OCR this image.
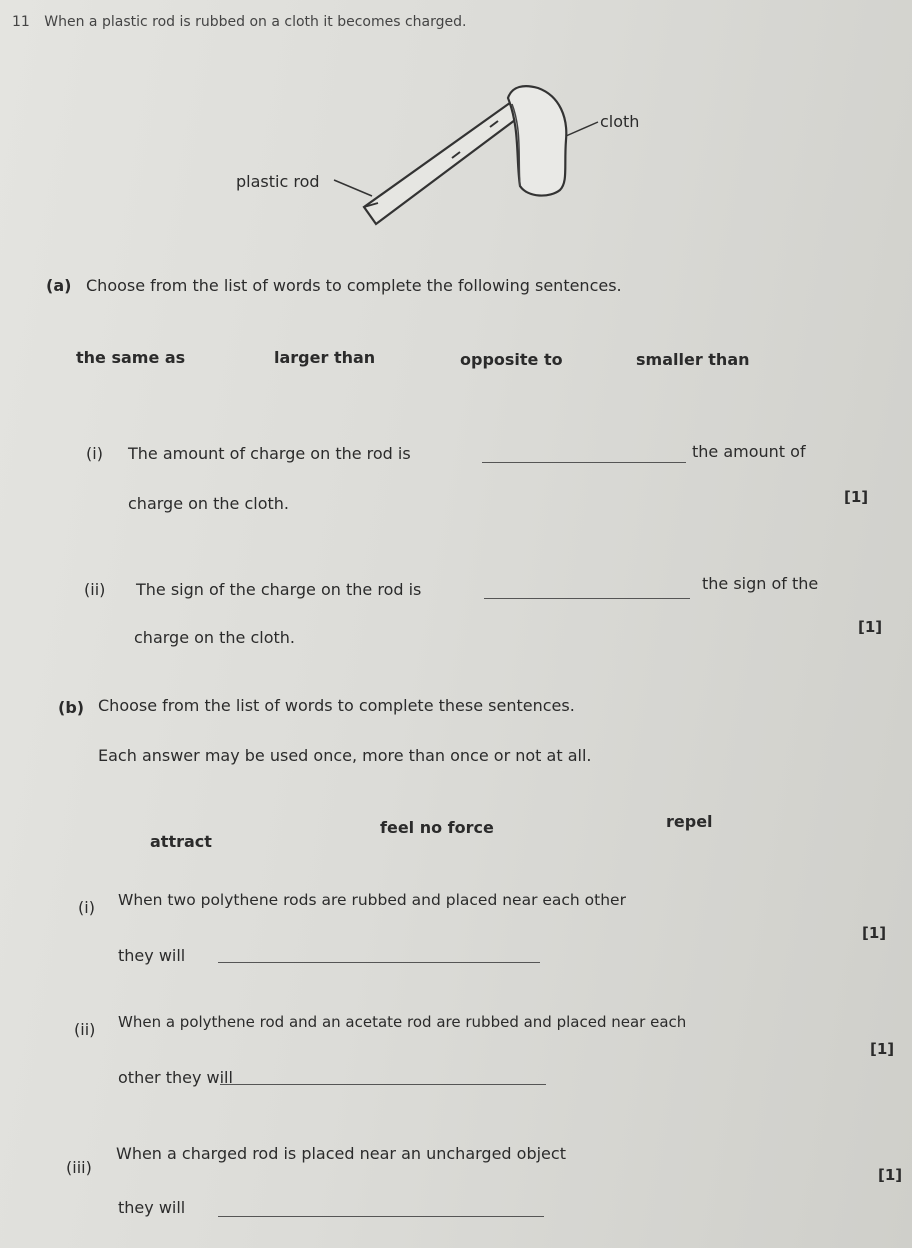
11 When a plastic rod is rubbed on a cloth it becomes charged.
cloth
plastic rod
(a) Choose from the list of words to complete the following sentences.
the same as	larger than	opposite to	smaller than
(i) The amount of charge on the rod is	the amount of
charge on the cloth.	[1]
(ii) The sign of the charge on the rod is	the sign of the
charge on the cloth.
[1]
(b) Choose from the list of words to complete these sentences.
Each answer may be used once, more than once or not at all.
attract
feel no force	repel
(i) When two polythene rods are rubbed and placed near each other
they will
[1]
(ii) When a polythene rod and an acetate rod are rubbed and placed near each
other they will
[1]
(iii)
When a charged rod is placed near an uncharged object
they will
[1]
